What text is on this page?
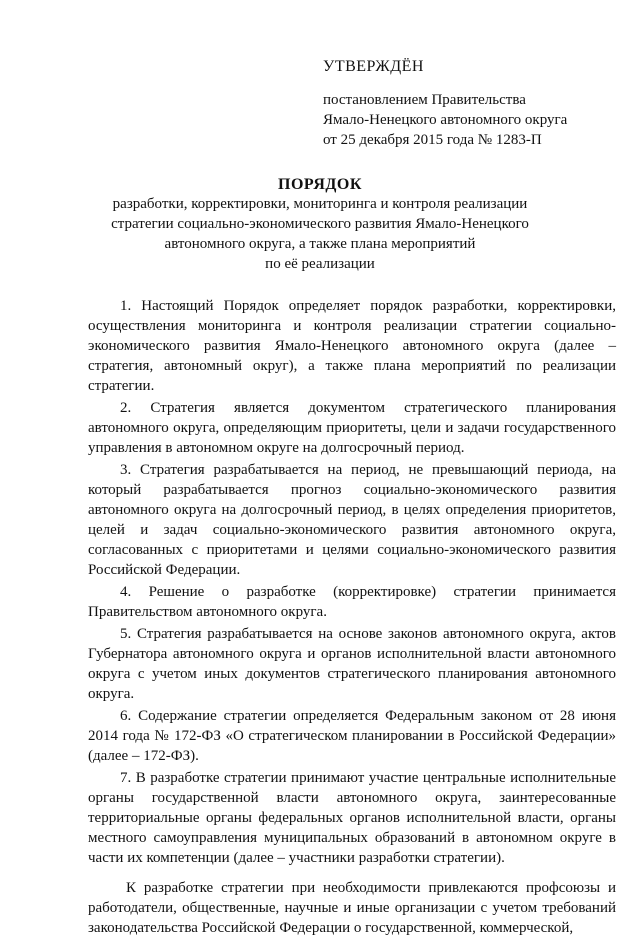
УТВЕРЖДЁН
постановлением Правительства
Ямало-Ненецкого автономного округа
от 25 декабря 2015 года № 1283-П
ПОРЯДОК
разработки, корректировки, мониторинга и контроля реализации
стратегии социально-экономического развития Ямало-Ненецкого
автономного округа, а также плана мероприятий
по её реализации

1. Настоящий Порядок определяет порядок разработки, корректировки, осуществления мониторинга и контроля реализации стратегии социально-экономического развития Ямало-Ненецкого автономного округа (далее – стратегия, автономный округ), а также плана мероприятий по реализации стратегии.

2. Стратегия является документом стратегического планирования автономного округа, определяющим приоритеты, цели и задачи государственного управления в автономном округе на долгосрочный период.

3. Стратегия разрабатывается на период, не превышающий периода, на который разрабатывается прогноз социально-экономического развития автономного округа на долгосрочный период, в целях определения приоритетов, целей и задач социально-экономического развития автономного округа, согласованных с приоритетами и целями социально-экономического развития Российской Федерации.

4. Решение о разработке (корректировке) стратегии принимается Правительством автономного округа.

5. Стратегия разрабатывается на основе законов автономного округа, актов Губернатора автономного округа и органов исполнительной власти автономного округа с учетом иных документов стратегического планирования автономного округа.

6. Содержание стратегии определяется Федеральным законом от 28 июня 2014 года № 172-ФЗ «О стратегическом планировании в Российской Федерации» (далее – 172-ФЗ).

7. В разработке стратегии принимают участие центральные исполнительные органы государственной власти автономного округа, заинтересованные территориальные органы федеральных органов исполнительной власти, органы местного самоуправления муниципальных образований в автономном округе в части их компетенции (далее – участники разработки стратегии).

К разработке стратегии при необходимости привлекаются профсоюзы и работодатели, общественные, научные и иные организации с учетом требований законодательства Российской Федерации о государственной, коммерческой,
